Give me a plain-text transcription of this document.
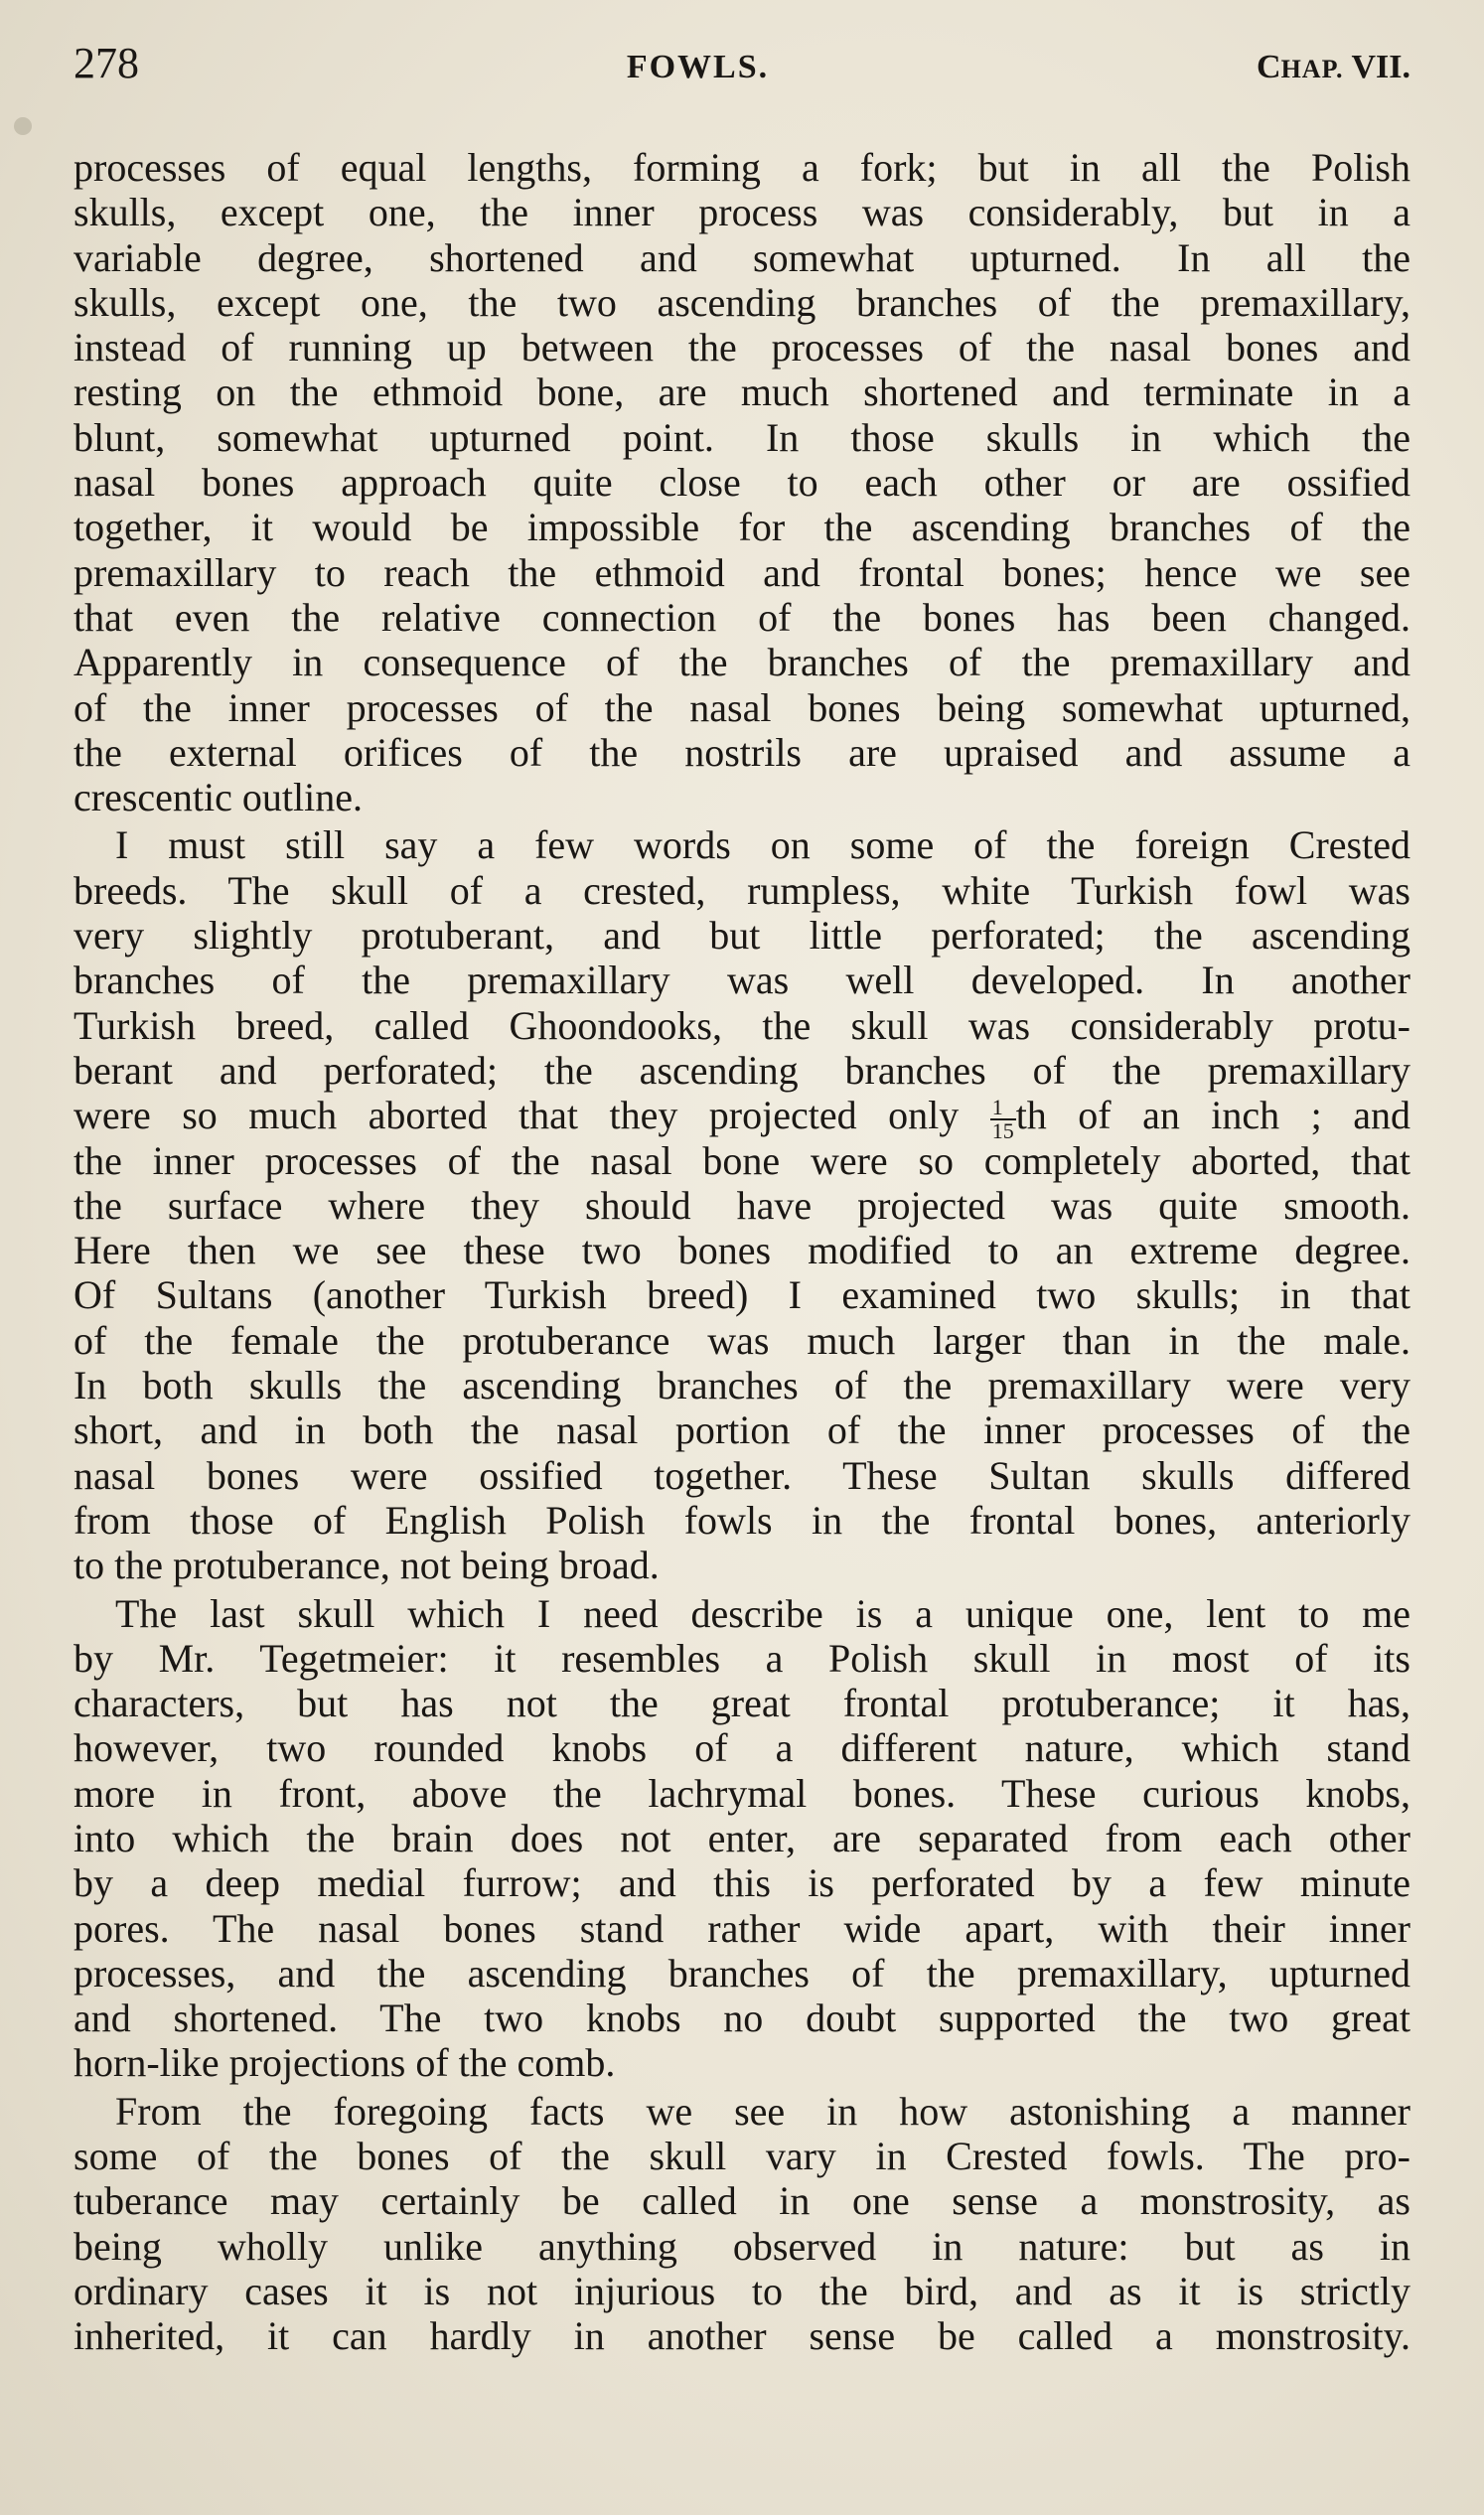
278	FOWLS.	CHAP. VII.
processes of equal lengths, forming a fork; but in all the Polish
skulls, except one, the inner process was considerably, but in a
variable degree, shortened and somewhat upturned. In all the
skulls, except one, the two ascending branches of the premaxillary,
instead of running up between the processes of the nasal bones and
resting on the ethmoid bone, are much shortened and terminate in a
blunt, somewhat upturned point. In those skulls in which the
nasal bones approach quite close to each other or are ossified
together, it would be impossible for the ascending branches of the
premaxillary to reach the ethmoid and frontal bones; hence we see
that even the relative connection of the bones has been changed.
Apparently in consequence of the branches of the premaxillary and
of the inner processes of the nasal bones being somewhat upturned,
the external orifices of the nostrils are upraised and assume a
crescentic outline.
I must still say a few words on some of the foreign Crested
breeds. The skull of a crested, rumpless, white Turkish fowl was
very slightly protuberant, and but little perforated; the ascending
branches of the premaxillary was well developed. In another
Turkish breed, called Ghoondooks, the skull was considerably protu-
berant and perforated; the ascending branches of the premaxillary
were so much aborted that they projected only $\frac{1}{15}$ th of an inch ; and
the inner processes of the nasal bone were so completely aborted, that
the surface where they should have projected was quite smooth.
Here then we see these two bones modified to an extreme degree.
Of Sultans (another Turkish breed) I examined two skulls; in that
of the female the protuberance was much larger than in the male.
In both skulls the ascending branches of the premaxillary were very
short, and in both the nasal portion of the inner processes of the
nasal bones were ossified together. These Sultan skulls differed
from those of English Polish fowls in the frontal bones, anteriorly
to the protuberance, not being broad.
The last skull which I need describe is a unique one, lent to me
by Mr. Tegetmeier: it resembles a Polish skull in most of its
characters, but has not the great frontal protuberance; it has,
however, two rounded knobs of a different nature, which stand
more in front, above the lachrymal bones. These curious knobs,
into which the brain does not enter, are separated from each other
by a deep medial furrow; and this is perforated by a few minute
pores. The nasal bones stand rather wide apart, with their inner
processes, and the ascending branches of the premaxillary, upturned
and shortened. The two knobs no doubt supported the two great
horn-like projections of the comb.
From the foregoing facts we see in how astonishing a manner
some of the bones of the skull vary in Crested fowls. The pro-
tuberance may certainly be called in one sense a monstrosity, as
being wholly unlike anything observed in nature: but as in
ordinary cases it is not injurious to the bird, and as it is strictly
inherited, it can hardly in another sense be called a monstrosity.
